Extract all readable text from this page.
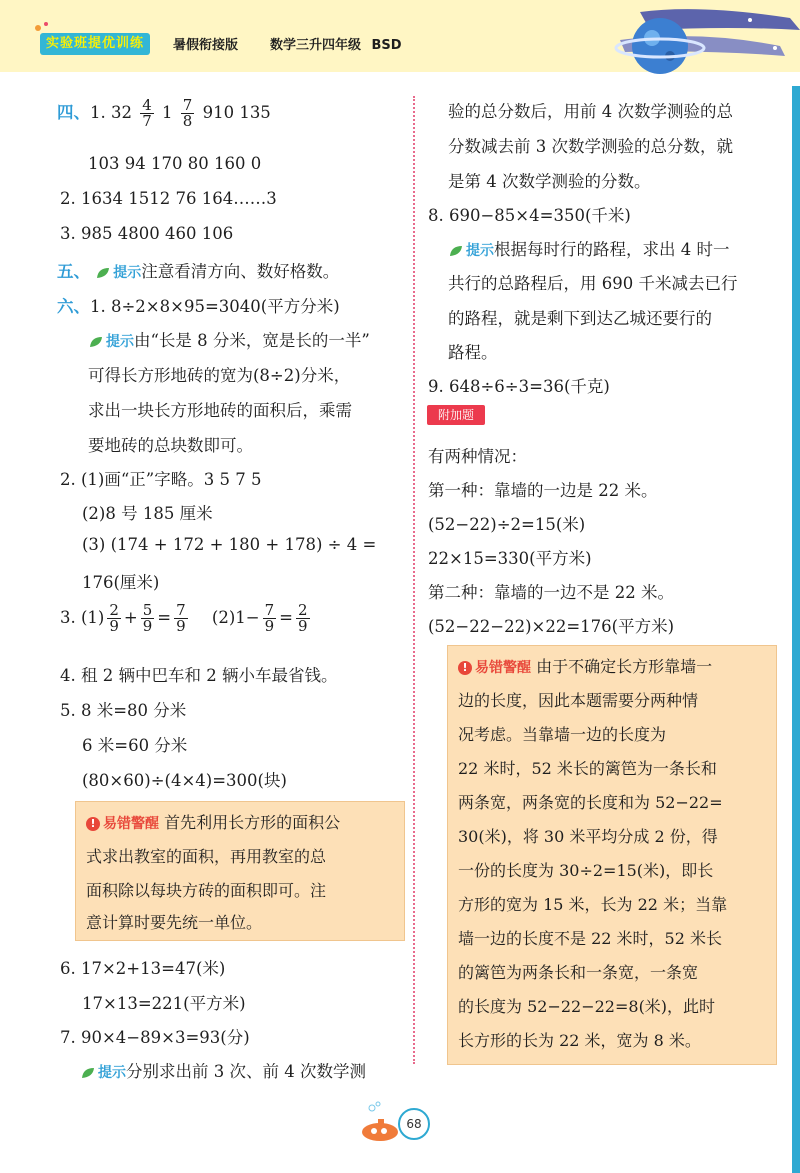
实验班提优训练	暑假衔接版 数学三升四年级 BSD
四、1. $32 \frac{4}{7} 1 \frac{7}{8} 910$ 135
103 94 170 80 160 0
2. 1634 1512 76 164……3
3. 985 4800 460 106
五、 提示注意看清方向、数好格数。
六、1. 8÷2×8×95=3040(平方分米)
提示由“长是 8 分米，宽是长的一半”
可得长方形地砖的宽为(8÷2)分米，
求出一块长方形地砖的面积后，乘需
要地砖的总块数即可。
2. (1)画“正”字略。3 5 7 5
(2)8 号 185 厘米
(3) (174 + 172 + 180 + 178) ÷ 4 =
176(厘米)
3. $(1) \frac{2}{9} + \frac{5}{9} = \frac{7}{9} (2)1- \frac{7}{9} = \frac{2}{9}$
4. 租 2 辆中巴车和 2 辆小车最省钱。
5. 8 米=80 分米
6 米=60 分米
(80×60)÷(4×4)=300(块)
! 易错警醒 首先利用长方形的面积公
式求出教室的面积，再用教室的总
面积除以每块方砖的面积即可。注
意计算时要先统一单位。
6. 17×2+13=47(米)
17×13=221(平方米)
7. 90×4−89×3=93(分)
提示分别求出前 3 次、前 4 次数学测
验的总分数后，用前 4 次数学测验的总
分数减去前 3 次数学测验的总分数，就
是第 4 次数学测验的分数。
8. 690−85×4=350(千米)
提示根据每时行的路程，求出 4 时一
共行的总路程后，用 690 千米减去已行
的路程，就是剩下到达乙城还要行的
路程。
9. 648÷6÷3=36(千克)
有两种情况：
第一种：靠墙的一边是 22 米。
(52−22)÷2=15(米)
22×15=330(平方米)
第二种：靠墙的一边不是 22 米。
(52−22−22)×22=176(平方米)
附加题
! 易错警醒 由于不确定长方形靠墙一
边的长度，因此本题需要分两种情
况考虑。当靠墙一边的长度为
22 米时，52 米长的篱笆为一条长和
两条宽，两条宽的长度和为 52−22=
30(米)，将 30 米平均分成 2 份，得
一份的长度为 30÷2=15(米)，即长
方形的宽为 15 米，长为 22 米；当靠
墙一边的长度不是 22 米时，52 米长
的篱笆为两条长和一条宽，一条宽
的长度为 52−22−22=8(米)，此时
长方形的长为 22 米，宽为 8 米。
68
